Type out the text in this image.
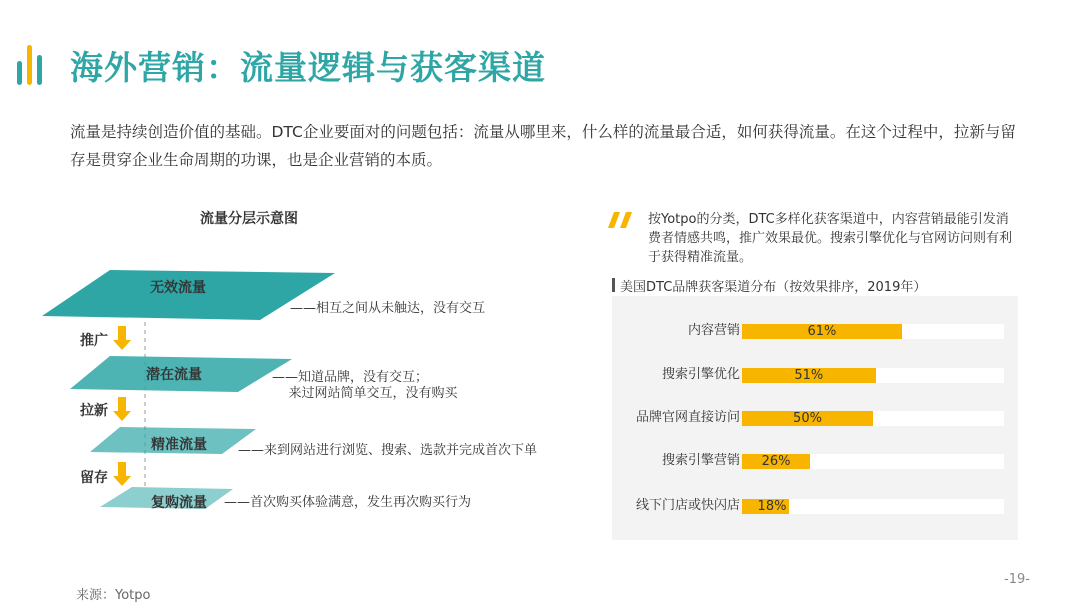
海外营销：流量逻辑与获客渠道
流量是持续创造价值的基础。DTC企业要面对的问题包括：流量从哪里来，什么样的流量最合适，如何获得流量。在这个过程中，拉新与留存是贯穿企业生命周期的功课，也是企业营销的本质。
流量分层示意图
无效流量
潜在流量
精准流量
复购流量
——相互之间从未触达，没有交互
——知道品牌，没有交互；
来过网站简单交互，没有购买
——来到网站进行浏览、搜索、选款并完成首次下单
——首次购买体验满意，发生再次购买行为
推广
拉新
留存
按Yotpo的分类，DTC多样化获客渠道中，内容营销最能引发消费者情感共鸣，推广效果最优。搜索引擎优化与官网访问则有利于获得精准流量。
美国DTC品牌获客渠道分布（按效果排序，2019年）
内容营销	61%
搜索引擎优化	51%
品牌官网直接访问	50%
搜索引擎营销	26%
线下门店或快闪店	18%
来源：Yotpo
-19-
